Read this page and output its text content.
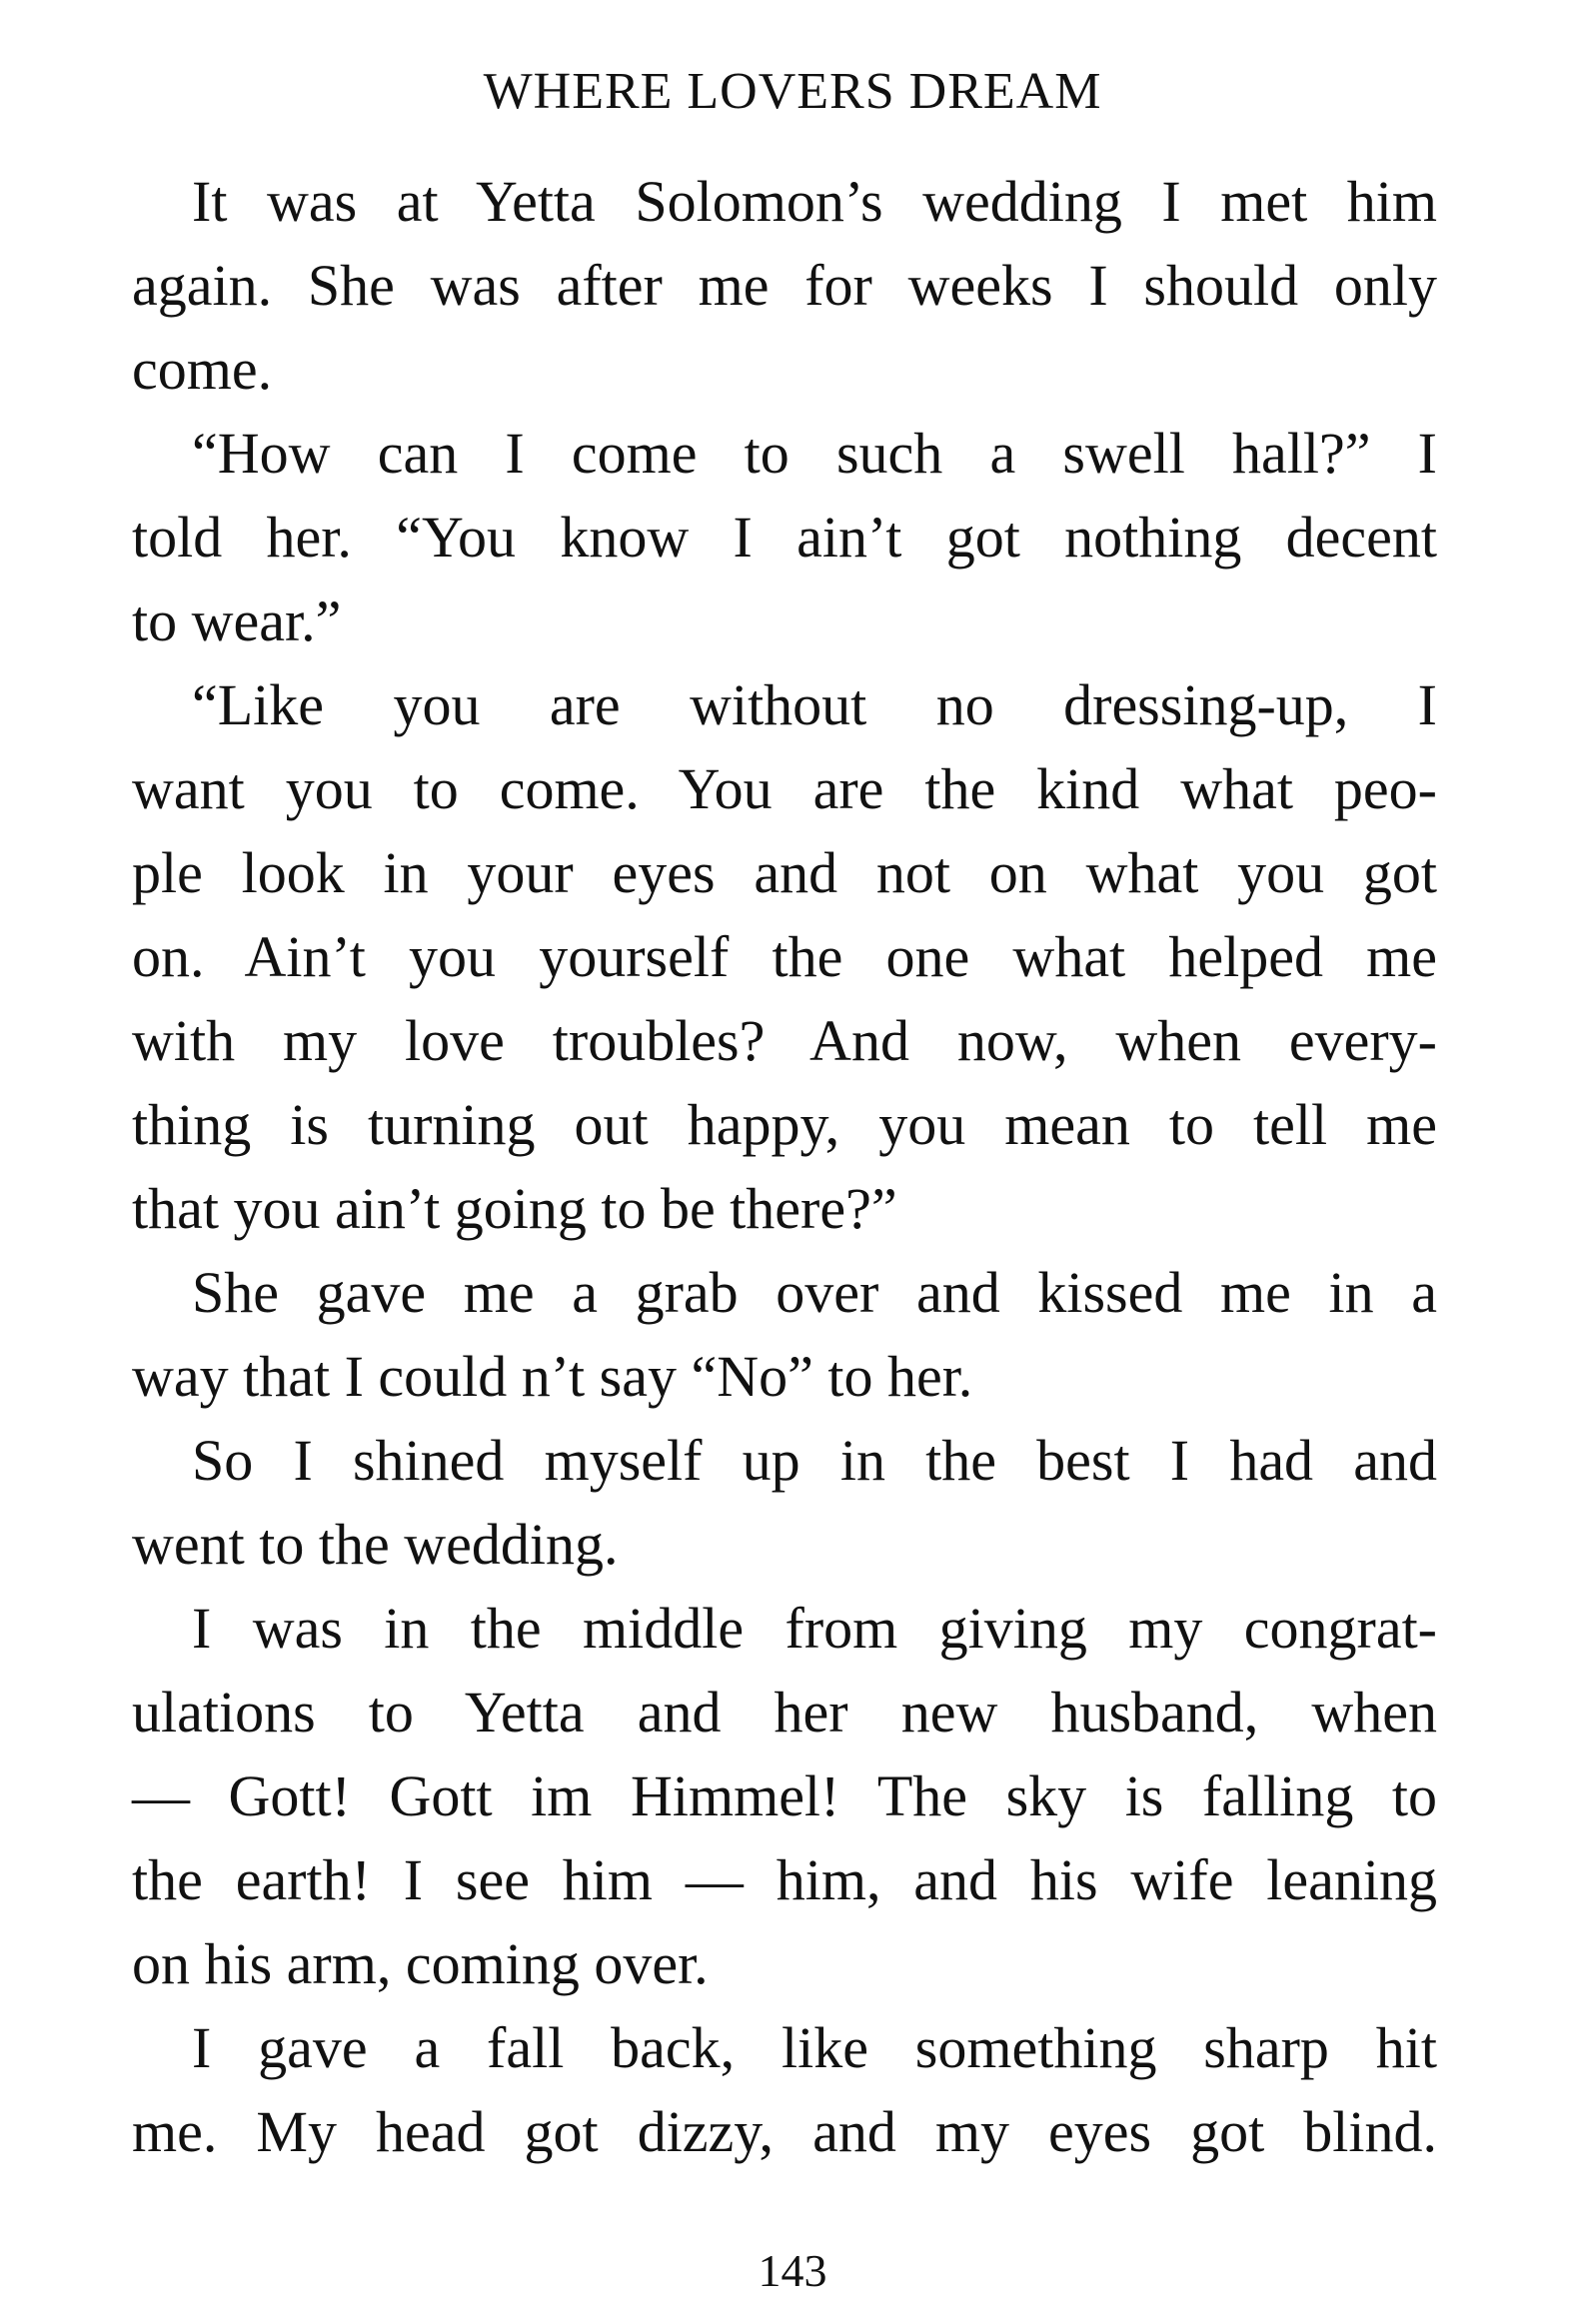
WHERE LOVERS DREAM
It was at Yetta Solomon’s wedding I met him
again. She was after me for weeks I should only
come.
“How can I come to such a swell hall?” I
told her. “You know I ain’t got nothing decent
to wear.”
“Like you are without no dressing-up, I
want you to come. You are the kind what peo-
ple look in your eyes and not on what you got
on. Ain’t you yourself the one what helped me
with my love troubles? And now, when every-
thing is turning out happy, you mean to tell me
that you ain’t going to be there?”
She gave me a grab over and kissed me in a
way that I could n’t say “No” to her.
So I shined myself up in the best I had and
went to the wedding.
I was in the middle from giving my congrat-
ulations to Yetta and her new husband, when
— Gott! Gott im Himmel! The sky is falling to
the earth! I see him — him, and his wife leaning
on his arm, coming over.
I gave a fall back, like something sharp hit
me. My head got dizzy, and my eyes got blind.
143
